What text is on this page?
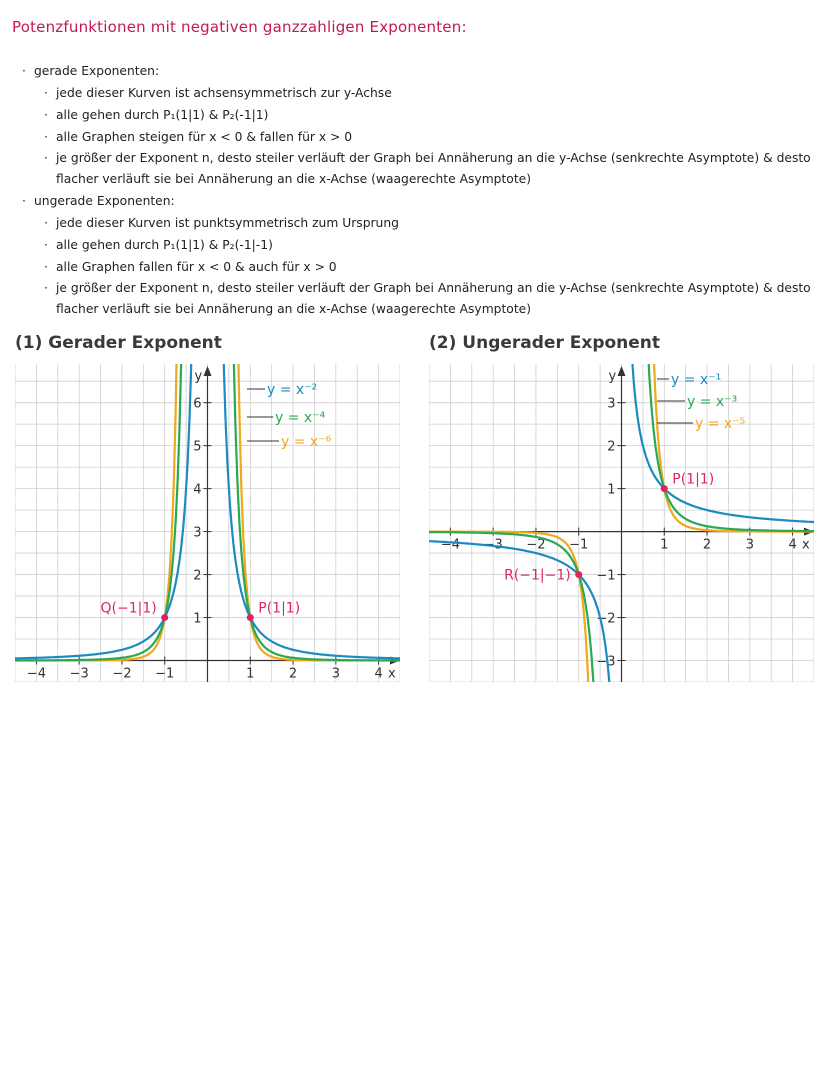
Potenzfunktionen mit negativen ganzzahligen Exponenten:
· gerade Exponenten:
· jede dieser Kurven ist achsensymmetrisch zur y-Achse
· alle gehen durch P₁(1|1) & P₂(-1|1)
· alle Graphen steigen für x < 0 & fallen für x > 0
· je größer der Exponent n, desto steiler verläuft der Graph bei Annäherung an die y-Achse (senkrechte Asymptote) & desto flacher verläuft sie bei Annäherung an die x-Achse (waagerechte Asymptote)
· ungerade Exponenten:
· jede dieser Kurven ist punktsymmetrisch zum Ursprung
· alle gehen durch P₁(1|1) & P₂(-1|-1)
· alle Graphen fallen für x < 0 & auch für x > 0
· je größer der Exponent n, desto steiler verläuft der Graph bei Annäherung an die y-Achse (senkrechte Asymptote) & desto flacher verläuft sie bei Annäherung an die x-Achse (waagerechte Asymptote)
(1) Gerader Exponent	(2) Ungerader Exponent
−4 −3 −2 −1	1	2	3	4
1
2
3
4
5
6
x
y
y = x⁻²
y = x⁻⁴
y = x⁻⁶
Q(−1|1)	P(1|1)
−4 −3 −2 −1	1	2	3	4
−3
−2
−1
1
2
3
x
y	y = x⁻¹
y = x⁻³
y = x⁻⁵
P(1|1)
R(−1|−1)
